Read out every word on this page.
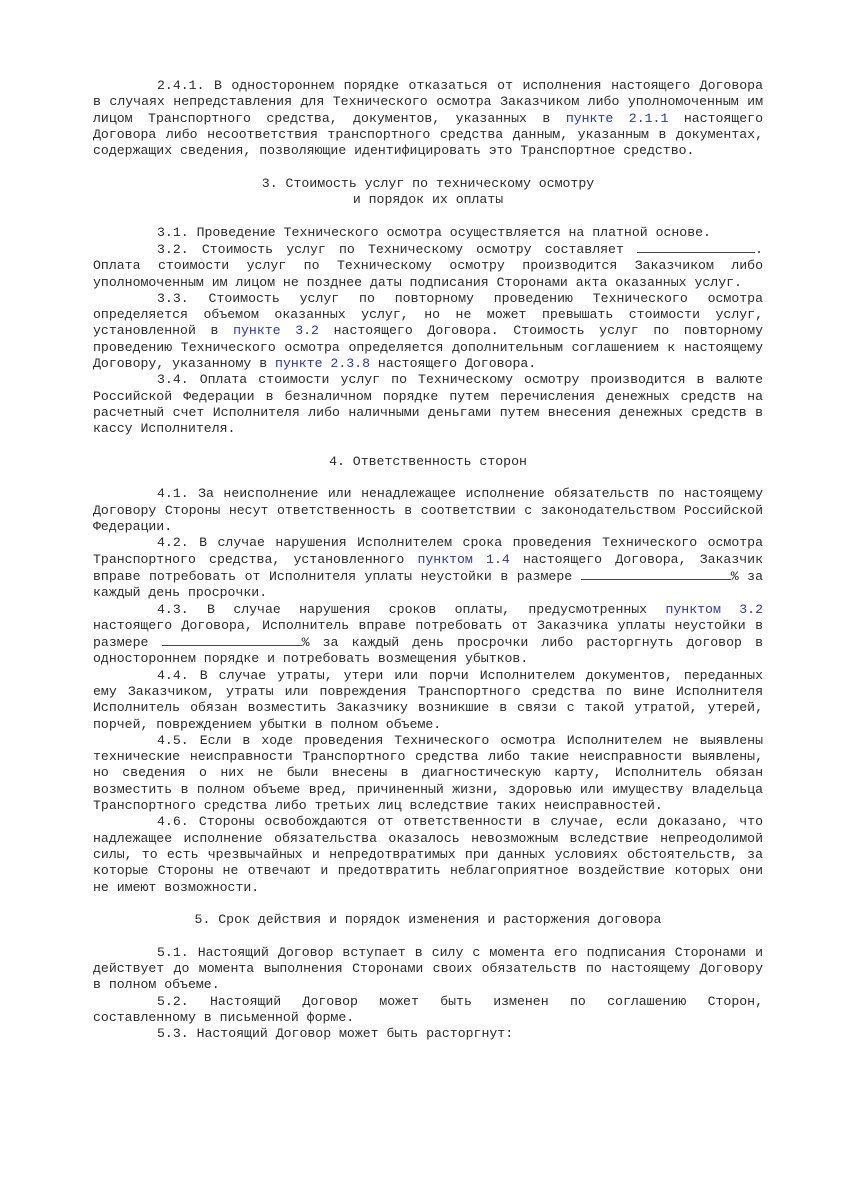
2.4.1. В одностороннем порядке отказаться от исполнения настоящего Договора в случаях непредставления для Технического осмотра Заказчиком либо уполномоченным им лицом Транспортного средства, документов, указанных в пункте 2.1.1 настоящего Договора либо несоответствия транспортного средства данным, указанным в документах, содержащих сведения, позволяющие идентифицировать это Транспортное средство.

3. Стоимость услуг по техническому осмотру

и порядок их оплаты

3.1. Проведение Технического осмотра осуществляется на платной основе.

3.2. Стоимость услуг по Техническому осмотру составляет	. Оплата стоимости услуг по Техническому осмотру производится Заказчиком либо уполномоченным им лицом не позднее даты подписания Сторонами акта оказанных услуг.

3.3. Стоимость услуг по повторному проведению Технического осмотра определяется объемом оказанных услуг, но не может превышать стоимости услуг, установленной в пункте 3.2 настоящего Договора. Стоимость услуг по повторному проведению Технического осмотра определяется дополнительным соглашением к настоящему Договору, указанному в пункте 2.3.8 настоящего Договора.

3.4. Оплата стоимости услуг по Техническому осмотру производится в валюте Российской Федерации в безналичном порядке путем перечисления денежных средств на расчетный счет Исполнителя либо наличными деньгами путем внесения денежных средств в кассу Исполнителя.

4. Ответственность сторон

4.1. За неисполнение или ненадлежащее исполнение обязательств по настоящему Договору Стороны несут ответственность в соответствии с законодательством Российской Федерации.

4.2. В случае нарушения Исполнителем срока проведения Технического осмотра Транспортного средства, установленного пунктом 1.4 настоящего Договора, Заказчик вправе потребовать от Исполнителя уплаты неустойки в размере	% за каждый день просрочки.

4.3. В случае нарушения сроков оплаты, предусмотренных пунктом 3.2 настоящего Договора, Исполнитель вправе потребовать от Заказчика уплаты неустойки в размере	% за каждый день просрочки либо расторгнуть договор в одностороннем порядке и потребовать возмещения убытков.

4.4. В случае утраты, утери или порчи Исполнителем документов, переданных ему Заказчиком, утраты или повреждения Транспортного средства по вине Исполнителя Исполнитель обязан возместить Заказчику возникшие в связи с такой утратой, утерей, порчей, повреждением убытки в полном объеме.

4.5. Если в ходе проведения Технического осмотра Исполнителем не выявлены технические неисправности Транспортного средства либо такие неисправности выявлены, но сведения о них не были внесены в диагностическую карту, Исполнитель обязан возместить в полном объеме вред, причиненный жизни, здоровью или имуществу владельца Транспортного средства либо третьих лиц вследствие таких неисправностей.

4.6. Стороны освобождаются от ответственности в случае, если доказано, что надлежащее исполнение обязательства оказалось невозможным вследствие непреодолимой силы, то есть чрезвычайных и непредотвратимых при данных условиях обстоятельств, за которые Стороны не отвечают и предотвратить неблагоприятное воздействие которых они не имеют возможности.

5. Срок действия и порядок изменения и расторжения договора

5.1. Настоящий Договор вступает в силу с момента его подписания Сторонами и действует до момента выполнения Сторонами своих обязательств по настоящему Договору в полном объеме.

5.2. Настоящий Договор может быть изменен по соглашению Сторон, составленному в письменной форме.

5.3. Настоящий Договор может быть расторгнут:
